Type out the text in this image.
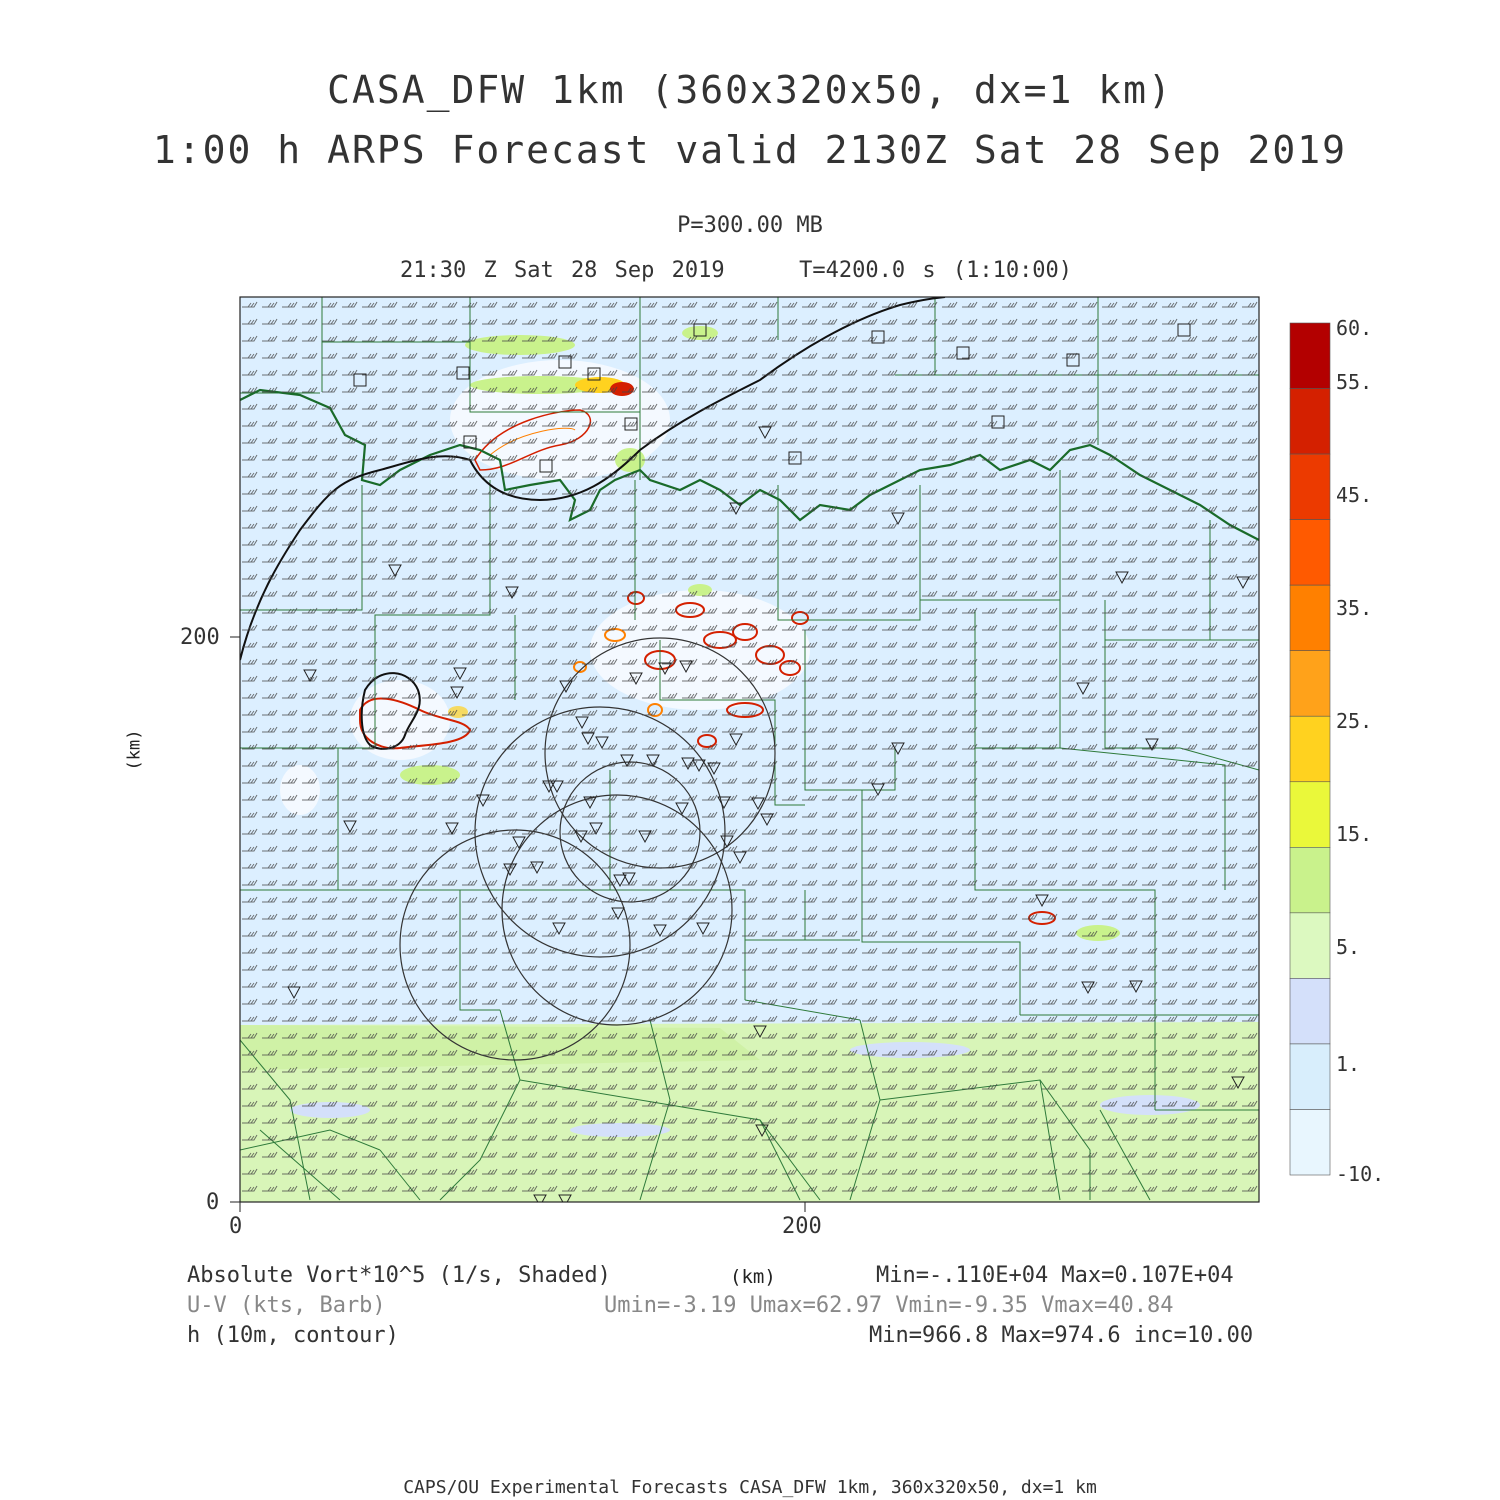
CASA_DFW 1km (360x320x50, dx=1 km)
1:00 h ARPS Forecast valid 2130Z Sat 28 Sep 2019
P=300.00 MB
21:30 Z Sat 28 Sep 2019	T=4200.0 s (1:10:00)
0	200
0
200
(km)
(km)
60.
55.
45.
35.
25.
15.
5.
1.
-10.
Absolute Vort*10^5 (1/s, Shaded)	Min=-.110E+04 Max=0.107E+04
U-V (kts, Barb)	Umin=-3.19 Umax=62.97 Vmin=-9.35 Vmax=40.84
h (10m, contour)	Min=966.8 Max=974.6 inc=10.00
CAPS/OU Experimental Forecasts CASA_DFW 1km, 360x320x50, dx=1 km
